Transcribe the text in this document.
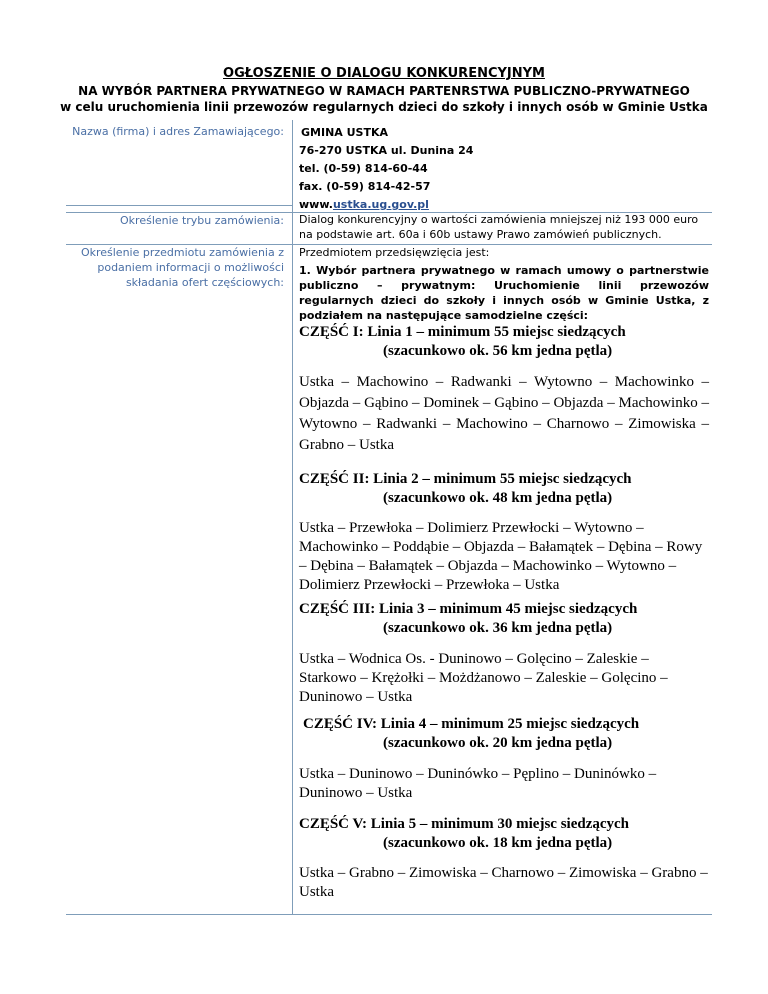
OGŁOSZENIE O DIALOGU KONKURENCYJNYM
NA WYBÓR PARTNERA PRYWATNEGO W RAMACH PARTENRSTWA PUBLICZNO-PRYWATNEGO
w celu uruchomienia linii przewozów regularnych dzieci do szkoły i innych osób w Gminie Ustka
Nazwa (firma) i adres Zamawiającego: GMINA USTKA
76-270 USTKA ul. Dunina 24
tel. (0-59) 814-60-44
fax. (0-59) 814-42-57
www.ustka.ug.gov.pl
Określenie trybu zamówienia: Dialog konkurencyjny o wartości zamówienia mniejszej niż 193 000 euro na podstawie art. 60a i 60b ustawy Prawo zamówień publicznych.
Określenie przedmiotu zamówienia z podaniem informacji o możliwości składania ofert częściowych:
Przedmiotem przedsięwzięcia jest:
1. Wybór partnera prywatnego w ramach umowy o partnerstwie publiczno – prywatnym: Uruchomienie linii przewozów regularnych dzieci do szkoły i innych osób w Gminie Ustka, z podziałem na następujące samodzielne części:
CZĘŚĆ I: Linia 1 – minimum 55 miejsc siedzących
(szacunkowo ok. 56 km jedna pętla)
Ustka – Machowino – Radwanki – Wytowno – Machowinko – Objazda – Gąbino – Dominek – Gąbino – Objazda – Machowinko – Wytowno – Radwanki – Machowino – Charnowo – Zimowiska – Grabno – Ustka
CZĘŚĆ II: Linia 2 – minimum 55 miejsc siedzących
(szacunkowo ok. 48 km jedna pętla)
Ustka – Przewłoka – Dolimierz Przewłocki – Wytowno – Machowinko – Poddąbie – Objazda – Bałamątek – Dębina – Rowy – Dębina – Bałamątek – Objazda – Machowinko – Wytowno – Dolimierz Przewłocki – Przewłoka – Ustka
CZĘŚĆ III: Linia 3 – minimum 45 miejsc siedzących
(szacunkowo ok. 36 km jedna pętla)
Ustka – Wodnica Os. - Duninowo – Golęcino – Zaleskie – Starkowo – Krężołki – Możdżanowo – Zaleskie – Golęcino – Duninowo – Ustka
CZĘŚĆ IV: Linia 4 – minimum 25 miejsc siedzących
(szacunkowo ok. 20 km jedna pętla)
Ustka – Duninowo – Duninówko – Pęplino – Duninówko – Duninowo – Ustka
CZĘŚĆ V: Linia 5 – minimum 30 miejsc siedzących
(szacunkowo ok. 18 km jedna pętla)
Ustka – Grabno – Zimowiska – Charnowo – Zimowiska – Grabno – Ustka
